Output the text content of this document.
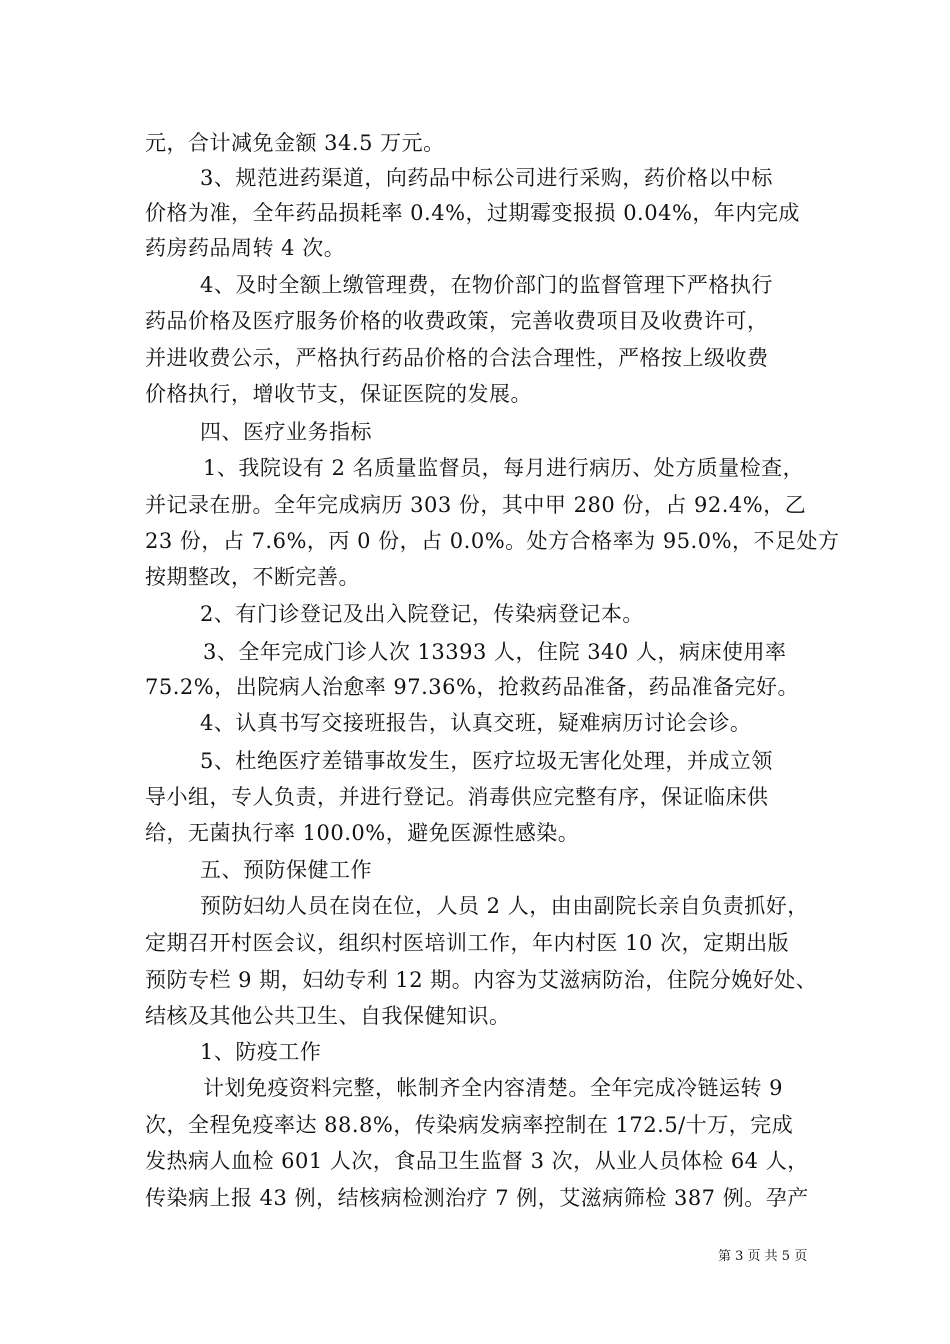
元，合计减免金额 34.5 万元。
3、规范进药渠道，向药品中标公司进行采购，药价格以中标
价格为准，全年药品损耗率 0.4%，过期霉变报损 0.04%，年内完成
药房药品周转 4 次。
4、及时全额上缴管理费，在物价部门的监督管理下严格执行
药品价格及医疗服务价格的收费政策，完善收费项目及收费许可，
并进收费公示，严格执行药品价格的合法合理性，严格按上级收费
价格执行，增收节支，保证医院的发展。
四、医疗业务指标
1、我院设有 2 名质量监督员，每月进行病历、处方质量检查，
并记录在册。全年完成病历 303 份，其中甲 280 份，占 92.4%，乙
23 份，占 7.6%，丙 0 份，占 0.0%。处方合格率为 95.0%，不足处方
按期整改，不断完善。
2、有门诊登记及出入院登记，传染病登记本。
3、全年完成门诊人次 13393 人，住院 340 人，病床使用率
75.2%，出院病人治愈率 97.36%，抢救药品准备，药品准备完好。
4、认真书写交接班报告，认真交班，疑难病历讨论会诊。
5、杜绝医疗差错事故发生，医疗垃圾无害化处理，并成立领
导小组，专人负责，并进行登记。消毒供应完整有序，保证临床供
给，无菌执行率 100.0%，避免医源性感染。
五、预防保健工作
预防妇幼人员在岗在位，人员 2 人，由由副院长亲自负责抓好，
定期召开村医会议，组织村医培训工作，年内村医 10 次，定期出版
预防专栏 9 期，妇幼专利 12 期。内容为艾滋病防治，住院分娩好处、
结核及其他公共卫生、自我保健知识。
1、防疫工作
计划免疫资料完整，帐制齐全内容清楚。全年完成冷链运转 9
次，全程免疫率达 88.8%，传染病发病率控制在 172.5/十万，完成
发热病人血检 601 人次，食品卫生监督 3 次，从业人员体检 64 人，
传染病上报 43 例，结核病检测治疗 7 例，艾滋病筛检 387 例。孕产
第 3 页 共 5 页
